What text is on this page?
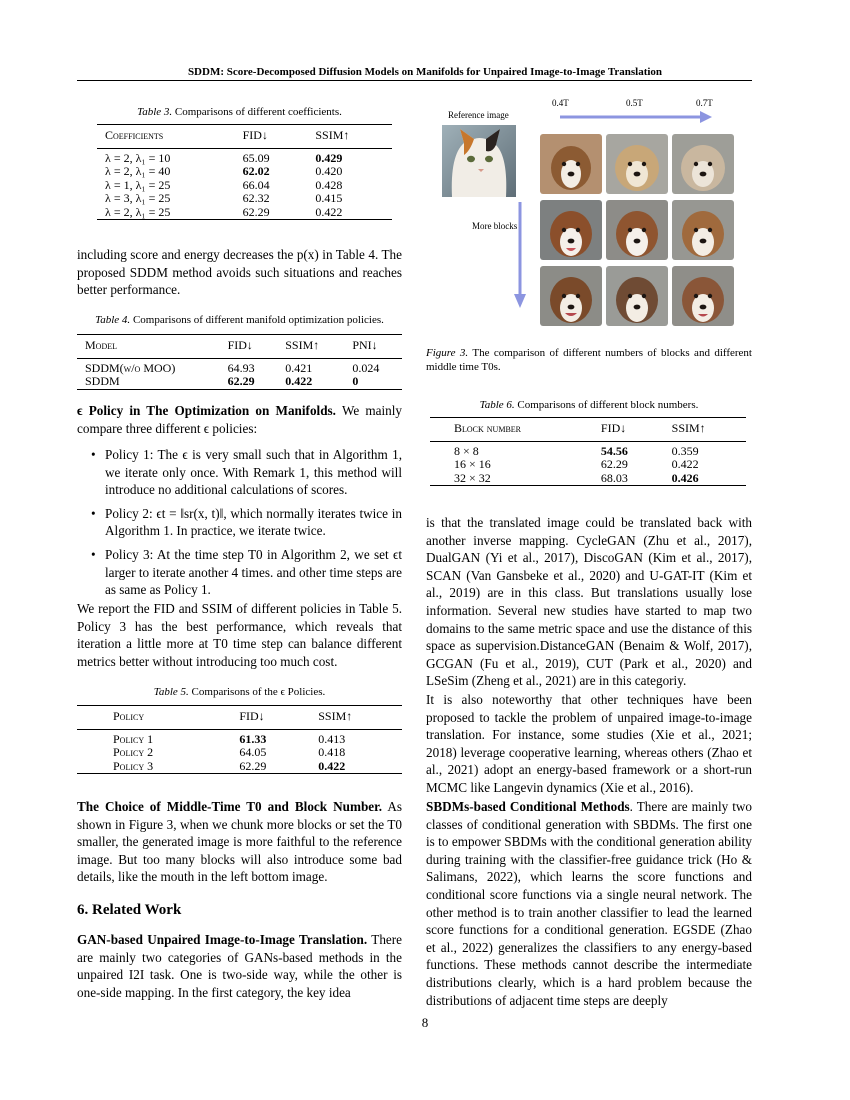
SDDM: Score-Decomposed Diffusion Models on Manifolds for Unpaired Image-to-Image Translation
Table 3. Comparisons of different coefficients.

Coefficients	FID↓	SSIM↑

λ = 2, λ₁ = 10	65.09	0.429
λ = 2, λ₁ = 40	62.02	0.420
λ = 1, λ₁ = 25	66.04	0.428
λ = 3, λ₁ = 25	62.32	0.415
λ = 2, λ₁ = 25	62.29	0.422

including score and energy decreases the p(x) in Table 4. The proposed SDDM method avoids such situations and reaches better performance.

Table 4. Comparisons of different manifold optimization policies.

Model	FID↓	SSIM↑	PNI↓

SDDM(w/o MOO)	64.93	0.421	0.024
SDDM	62.29	0.422	0

ϵ Policy in The Optimization on Manifolds. We mainly compare three different ϵ policies:

• Policy 1: The ϵ is very small such that in Algorithm 1, we iterate only once. With Remark 1, this method will introduce no additional calculations of scores.
• Policy 2: ϵt = ‖sr(x, t)‖, which normally iterates twice in Algorithm 1. In practice, we iterate twice.
• Policy 3: At the time step T0 in Algorithm 2, we set ϵt larger to iterate another 4 times. and other time steps are as same as Policy 1.

We report the FID and SSIM of different policies in Table 5. Policy 3 has the best performance, which reveals that iteration a little more at T0 time step can balance different metrics better without introducing too much cost.

Table 5. Comparisons of the ϵ Policies.

Policy	FID↓	SSIM↑

Policy 1	61.33	0.413
Policy 2	64.05	0.418
Policy 3	62.29	0.422

The Choice of Middle-Time T0 and Block Number. As shown in Figure 3, when we chunk more blocks or set the T0 smaller, the generated image is more faithful to the reference image. But too many blocks will also introduce some bad details, like the mouth in the left bottom image.

6. Related Work

GAN-based Unpaired Image-to-Image Translation. There are mainly two categories of GANs-based methods in the unpaired I2I task. One is two-side way, while the other is one-side mapping. In the first category, the key idea

0.4T	0.5T	0.7T
Reference image
More blocks
Figure 3. The comparison of different numbers of blocks and different middle time T0s.
Table 6. Comparisons of different block numbers.

Block number	FID↓	SSIM↑

8 × 8	54.56	0.359
16 × 16	62.29	0.422
32 × 32	68.03	0.426

is that the translated image could be translated back with another inverse mapping. CycleGAN (Zhu et al., 2017), DualGAN (Yi et al., 2017), DiscoGAN (Kim et al., 2017), SCAN (Van Gansbeke et al., 2020) and U-GAT-IT (Kim et al., 2019) are in this class. But translations usually lose information. Several new studies have started to map two domains to the same metric space and use the distance of this space as supervision.DistanceGAN (Benaim & Wolf, 2017), GCGAN (Fu et al., 2019), CUT (Park et al., 2020) and LSeSim (Zheng et al., 2021) are in this categoriy.

It is also noteworthy that other techniques have been proposed to tackle the problem of unpaired image-to-image translation. For instance, some studies (Xie et al., 2021; 2018) leverage cooperative learning, whereas others (Zhao et al., 2021) adopt an energy-based framework or a short-run MCMC like Langevin dynamics (Xie et al., 2016).

SBDMs-based Conditional Methods. There are mainly two classes of conditional generation with SBDMs. The first one is to empower SBDMs with the conditional generation ability during training with the classifier-free guidance trick (Ho & Salimans, 2022), which learns the score functions and conditional score functions via a single neural network. The other method is to train another classifier to lead the learned score functions for a conditional generation. EGSDE (Zhao et al., 2022) generalizes the classifiers to any energy-based functions. These methods cannot describe the intermediate distributions clearly, which is a hard problem because the distributions of adjacent time steps are deeply

8
